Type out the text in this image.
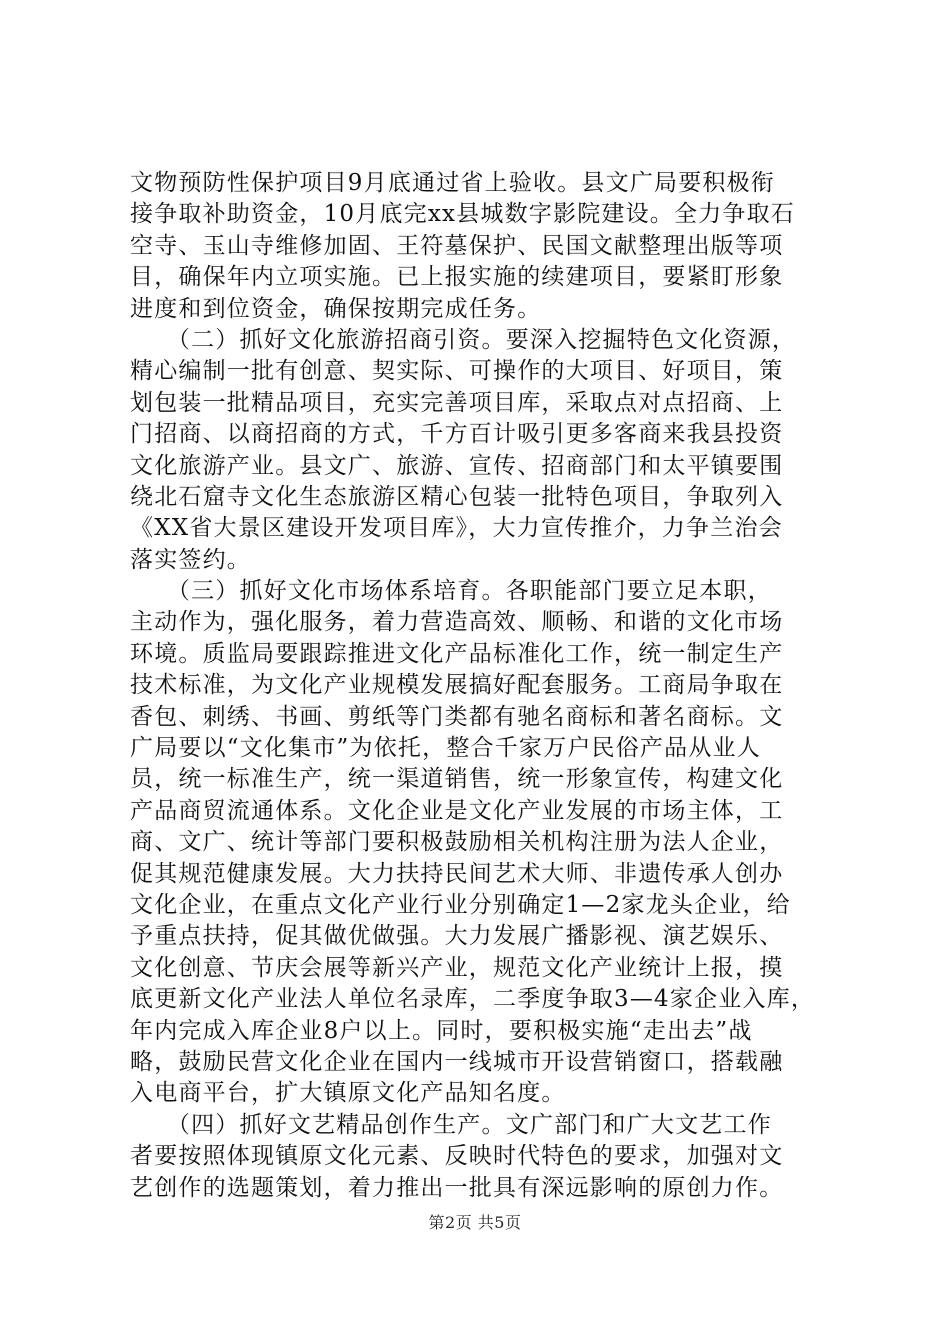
文物预防性保护项目9月底通过省上验收。县文广局要积极衔
接争取补助资金，10月底完xx县城数字影院建设。全力争取石
空寺、玉山寺维修加固、王符墓保护、民国文献整理出版等项
目，确保年内立项实施。已上报实施的续建项目，要紧盯形象
进度和到位资金，确保按期完成任务。
　　（二）抓好文化旅游招商引资。要深入挖掘特色文化资源，
精心编制一批有创意、契实际、可操作的大项目、好项目，策
划包装一批精品项目，充实完善项目库，采取点对点招商、上
门招商、以商招商的方式，千方百计吸引更多客商来我县投资
文化旅游产业。县文广、旅游、宣传、招商部门和太平镇要围
绕北石窟寺文化生态旅游区精心包装一批特色项目，争取列入
《XX省大景区建设开发项目库》，大力宣传推介，力争兰治会
落实签约。
　　（三）抓好文化市场体系培育。各职能部门要立足本职，
主动作为，强化服务，着力营造高效、顺畅、和谐的文化市场
环境。质监局要跟踪推进文化产品标准化工作，统一制定生产
技术标准，为文化产业规模发展搞好配套服务。工商局争取在
香包、刺绣、书画、剪纸等门类都有驰名商标和著名商标。文
广局要以“文化集市”为依托，整合千家万户民俗产品从业人
员，统一标准生产，统一渠道销售，统一形象宣传，构建文化
产品商贸流通体系。文化企业是文化产业发展的市场主体，工
商、文广、统计等部门要积极鼓励相关机构注册为法人企业，
促其规范健康发展。大力扶持民间艺术大师、非遗传承人创办
文化企业，在重点文化产业行业分别确定1—2家龙头企业，给
予重点扶持，促其做优做强。大力发展广播影视、演艺娱乐、
文化创意、节庆会展等新兴产业，规范文化产业统计上报，摸
底更新文化产业法人单位名录库，二季度争取3—4家企业入库，
年内完成入库企业8户以上。同时，要积极实施“走出去”战
略，鼓励民营文化企业在国内一线城市开设营销窗口，搭载融
入电商平台，扩大镇原文化产品知名度。
　　（四）抓好文艺精品创作生产。文广部门和广大文艺工作
者要按照体现镇原文化元素、反映时代特色的要求，加强对文
艺创作的选题策划，着力推出一批具有深远影响的原创力作。
第2页 共5页
